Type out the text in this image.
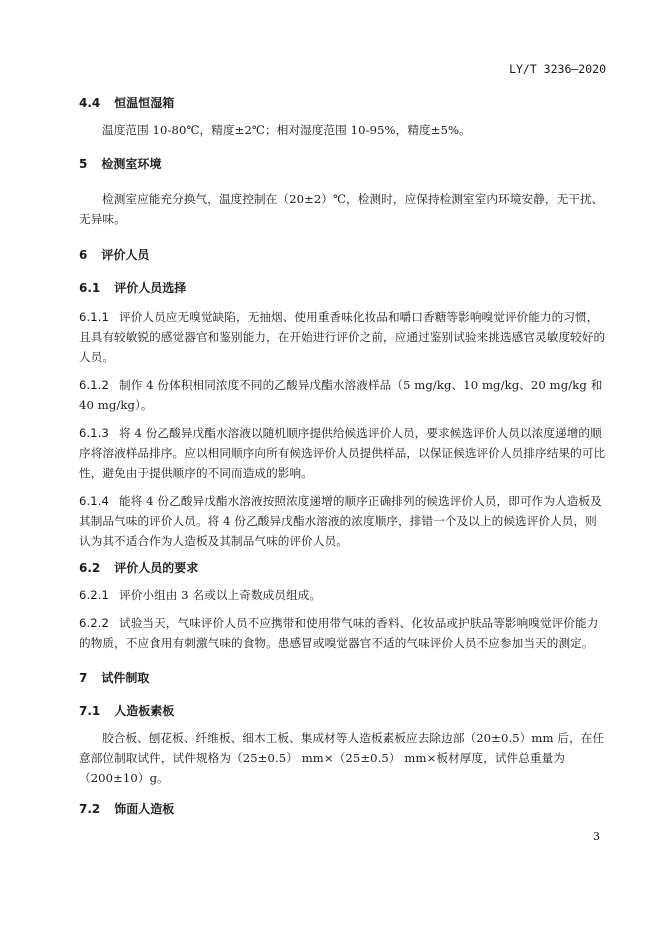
LY/T 3236—2020
4.4 恒温恒湿箱

温度范围 10-80℃，精度±2℃；相对湿度范围 10-95%，精度±5%。

5 检测室环境

检测室应能充分换气，温度控制在（20±2）℃，检测时，应保持检测室室内环境安静，无干扰、无异味。

6 评价人员
6.1 评价人员选择

6.1.1 评价人员应无嗅觉缺陷，无抽烟、使用重香味化妆品和嚼口香糖等影响嗅觉评价能力的习惯，且具有较敏锐的感觉器官和鉴别能力，在开始进行评价之前，应通过鉴别试验来挑选感官灵敏度较好的人员。

6.1.2 制作 4 份体积相同浓度不同的乙酸异戊酯水溶液样品（5 mg/kg、10 mg/kg、20 mg/kg 和 40 mg/kg）。

6.1.3 将 4 份乙酸异戊酯水溶液以随机顺序提供给候选评价人员，要求候选评价人员以浓度递增的顺序将溶液样品排序。应以相同顺序向所有候选评价人员提供样品，以保证候选评价人员排序结果的可比性，避免由于提供顺序的不同而造成的影响。

6.1.4 能将 4 份乙酸异戊酯水溶液按照浓度递增的顺序正确排列的候选评价人员，即可作为人造板及其制品气味的评价人员。将 4 份乙酸异戊酯水溶液的浓度顺序，排错一个及以上的候选评价人员，则认为其不适合作为人造板及其制品气味的评价人员。

6.2 评价人员的要求

6.2.1 评价小组由 3 名或以上奇数成员组成。

6.2.2 试验当天，气味评价人员不应携带和使用带气味的香料、化妆品或护肤品等影响嗅觉评价能力的物质，不应食用有刺激气味的食物。患感冒或嗅觉器官不适的气味评价人员不应参加当天的测定。

7 试件制取
7.1 人造板素板

胶合板、刨花板、纤维板、细木工板、集成材等人造板素板应去除边部（20±0.5）mm 后，在任意部位制取试件，试件规格为（25±0.5） mm×（25±0.5） mm×板材厚度，试件总重量为（200±10）g。

7.2 饰面人造板
3
